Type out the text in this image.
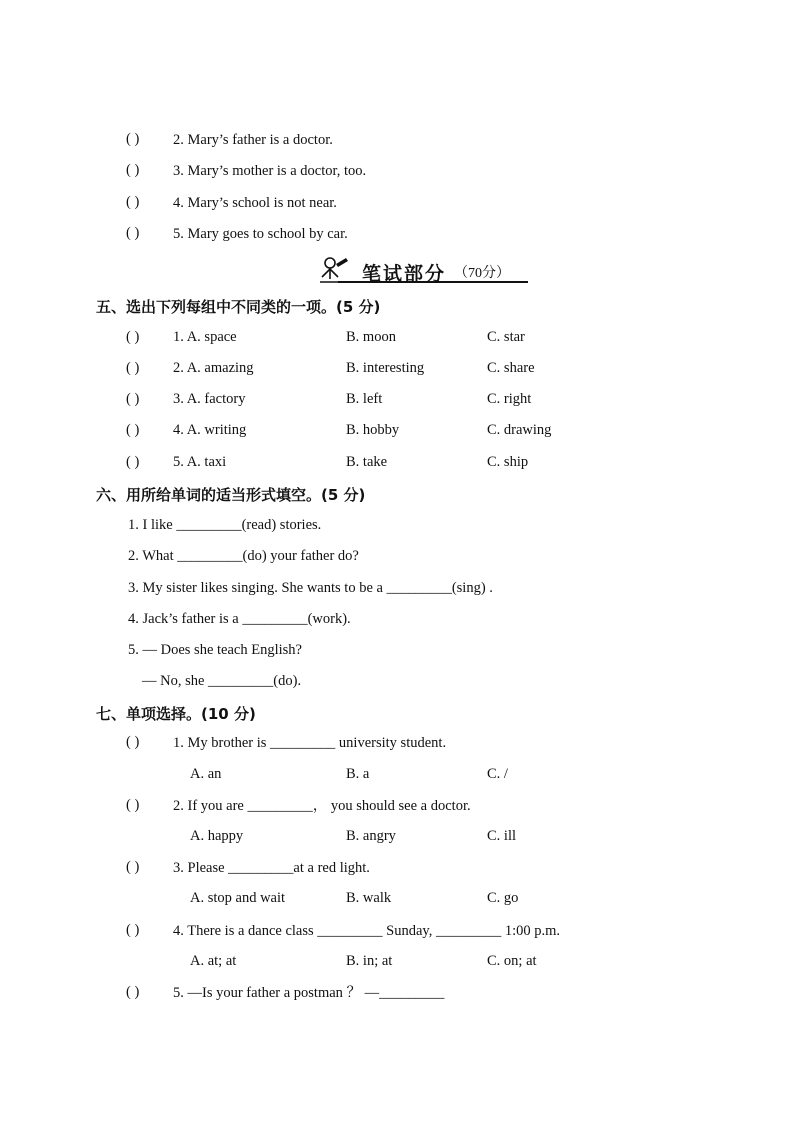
( ) 2. Mary’s father is a doctor.
( ) 3. Mary’s mother is a doctor, too.
( ) 4. Mary’s school is not near.
( ) 5. Mary goes to school by car.
笔试部分 （70分）
五、选出下列每组中不同类的一项。(5 分)
( ) 1. A. space	B. moon	C. star
( ) 2. A. amazing	B. interesting	C. share
( ) 3. A. factory	B. left	C. right
( ) 4. A. writing	B. hobby	C. drawing
( ) 5. A. taxi	B. take	C. ship
六、用所给单词的适当形式填空。(5 分)
1. I like _________(read) stories.
2. What _________(do) your father do?
3. My sister likes singing. She wants to be a _________(sing) .
4. Jack’s father is a _________(work).
5. — Does she teach English?
— No, she _________(do).
七、单项选择。(10 分)
( ) 1. My brother is _________ university student.
A. an	B. a	C. /
( ) 2. If you are _________， you should see a doctor.
A. happy	B. angry	C. ill
( ) 3. Please _________at a red light.
A. stop and wait	B. walk	C. go
( ) 4. There is a dance class _________ Sunday, _________ 1:00 p.m.
A. at; at	B. in; at	C. on; at
( ) 5. —Is your father a postman ？ —_________
